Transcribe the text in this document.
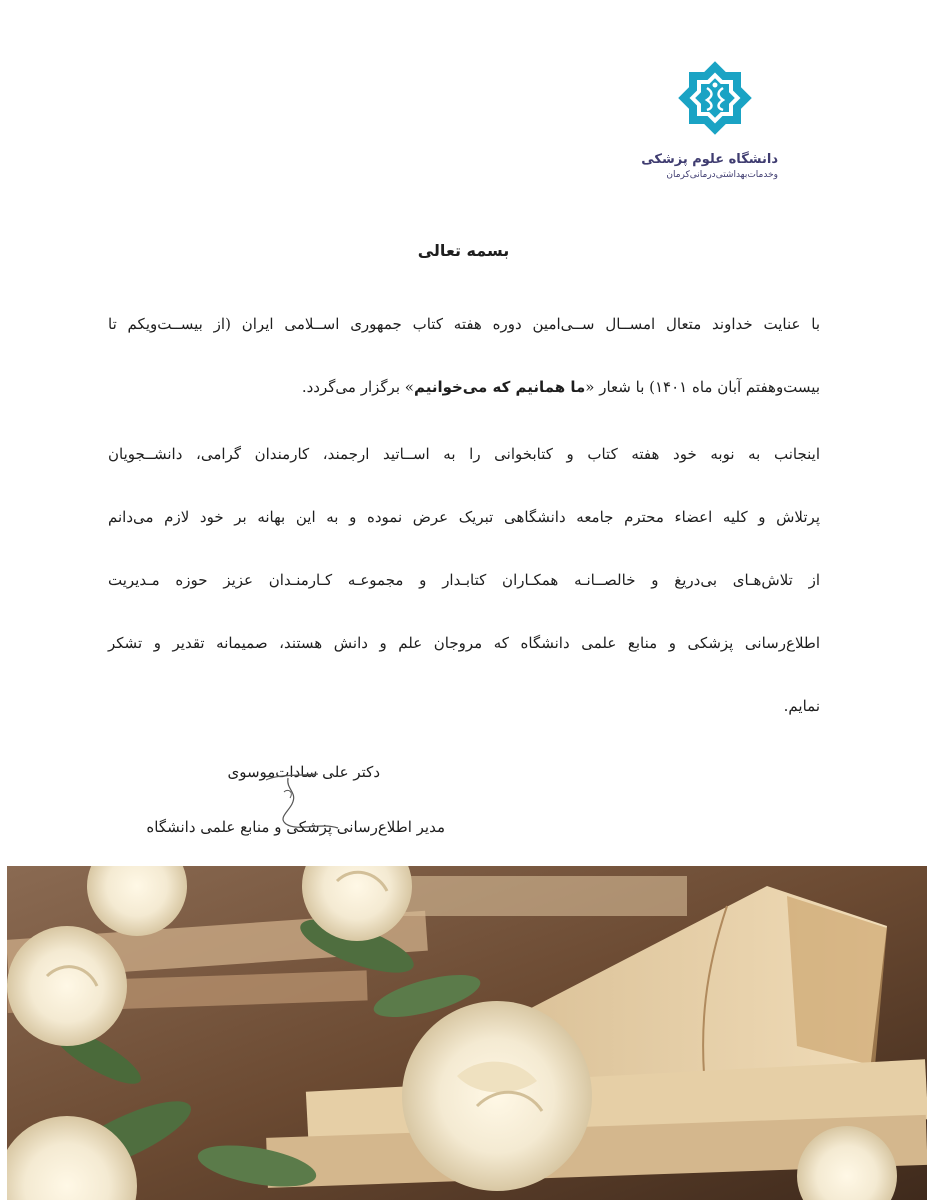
دانشگاه علوم پزشکی
وخدمات‌بهداشتی‌درمانی‌کرمان
بسمه تعالی
با عنایت خداوند متعال امســال ســی‌امین دوره هفته کتاب جمهوری اســلامی ایران (از بیســت‌ویکم تا
بیست‌وهفتم آبان ماه ۱۴۰۱) با شعار «ما همانیم که می‌خوانیم» برگزار می‌گردد.
اینجانب به نوبه خود هفته کتاب و کتابخوانی را به اســاتید ارجمند، کارمندان گرامی، دانشــجویان
پرتلاش و کلیه اعضاء محترم جامعه دانشگاهی تبریک عرض نموده و به این بهانه بر خود لازم می‌دانم
از تلاش‌هـای بی‌دریغ و خالصــانـه همکـاران کتابـدار و مجموعـه کـارمنـدان عزیز حوزه مـدیریت
اطلاع‌رسانی پزشکی و منابع علمی دانشگاه که مروجان علم و دانش هستند، صمیمانه تقدیر و تشکر
نمایم.
دکتر علی سادات‌موسوی
مدیر اطلاع‌رسانی پزشکی و منابع علمی دانشگاه
